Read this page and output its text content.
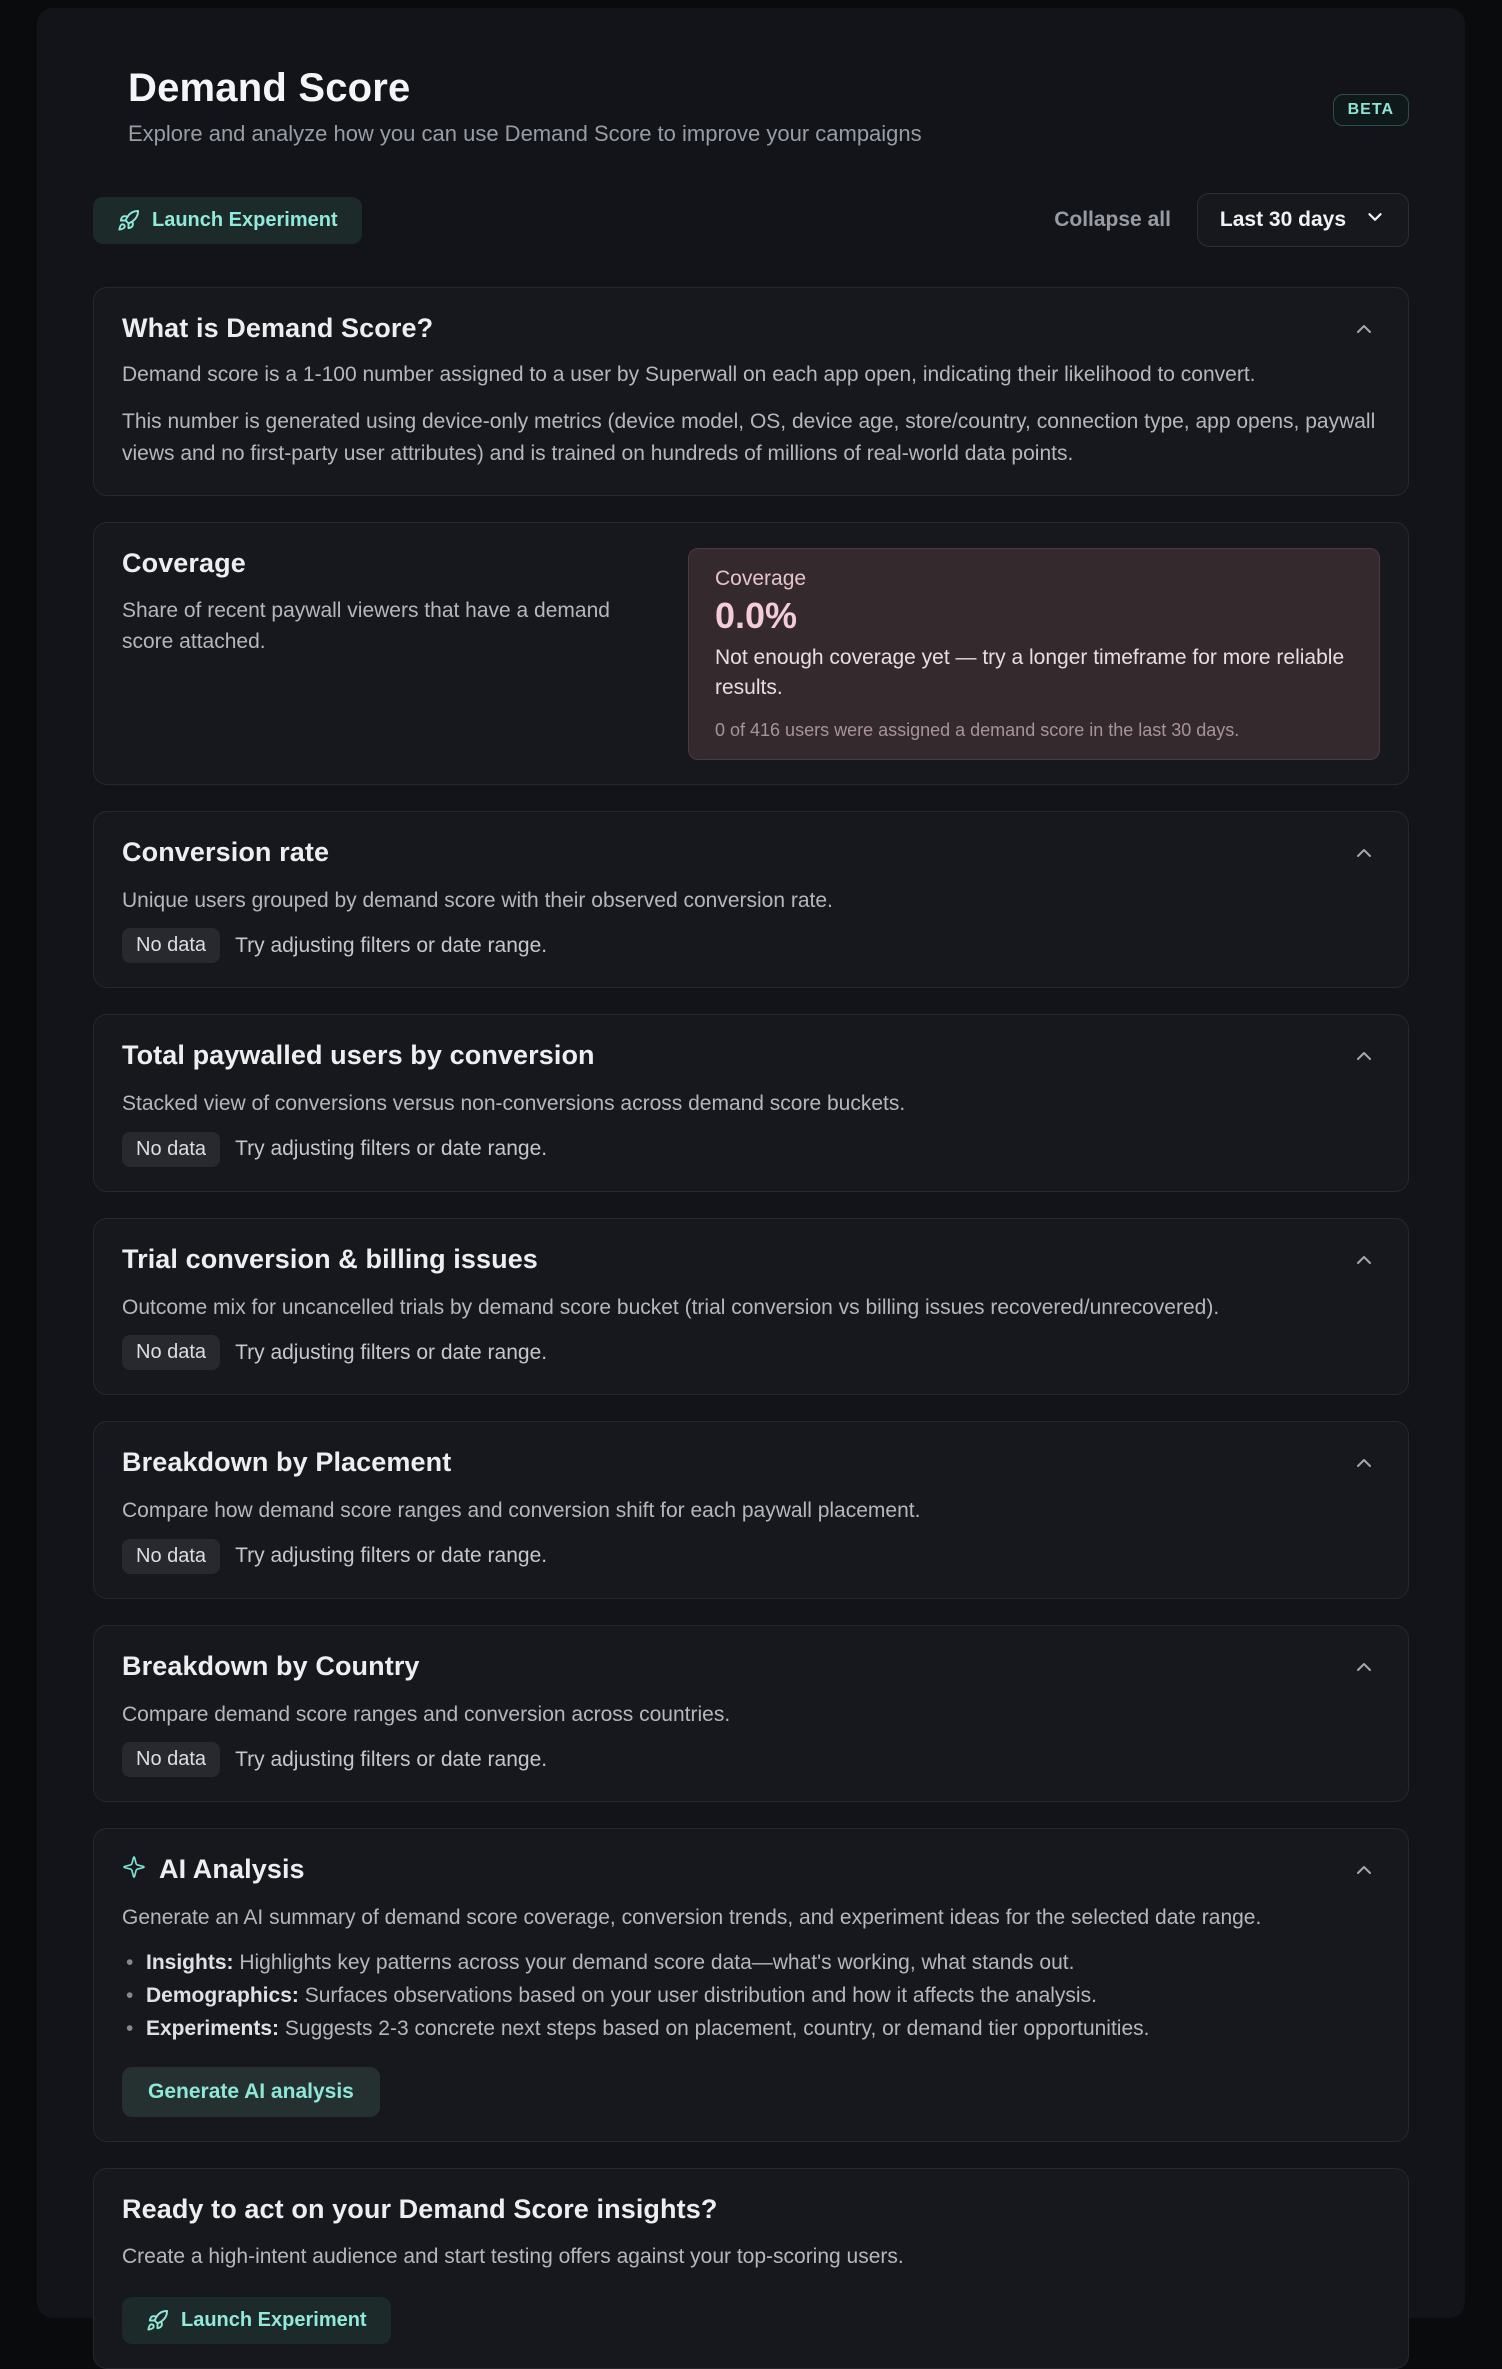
Demand Score
Explore and analyze how you can use Demand Score to improve your campaigns
BETA
Launch Experiment	Collapse all Last 30 days
What is Demand Score?

Demand score is a 1-100 number assigned to a user by Superwall on each app open, indicating their likelihood to convert.

This number is generated using device-only metrics (device model, OS, device age, store/country, connection type, app opens, paywall views and no first-party user attributes) and is trained on hundreds of millions of real-world data points.

Coverage
Share of recent paywall viewers that have a demand score attached.
Coverage
0.0%
Not enough coverage yet — try a longer timeframe for more reliable results.
0 of 416 users were assigned a demand score in the last 30 days.
Conversion rate
Unique users grouped by demand score with their observed conversion rate.
No data	Try adjusting filters or date range.
Total paywalled users by conversion
Stacked view of conversions versus non-conversions across demand score buckets.
No data	Try adjusting filters or date range.
Trial conversion & billing issues
Outcome mix for uncancelled trials by demand score bucket (trial conversion vs billing issues recovered/unrecovered).
No data	Try adjusting filters or date range.
Breakdown by Placement
Compare how demand score ranges and conversion shift for each paywall placement.
No data	Try adjusting filters or date range.
Breakdown by Country
Compare demand score ranges and conversion across countries.
No data	Try adjusting filters or date range.
AI Analysis
Generate an AI summary of demand score coverage, conversion trends, and experiment ideas for the selected date range.
• Insights: Highlights key patterns across your demand score data—what's working, what stands out.
• Demographics: Surfaces observations based on your user distribution and how it affects the analysis.
• Experiments: Suggests 2-3 concrete next steps based on placement, country, or demand tier opportunities.
Generate AI analysis
Ready to act on your Demand Score insights?
Create a high-intent audience and start testing offers against your top-scoring users.
Launch Experiment
